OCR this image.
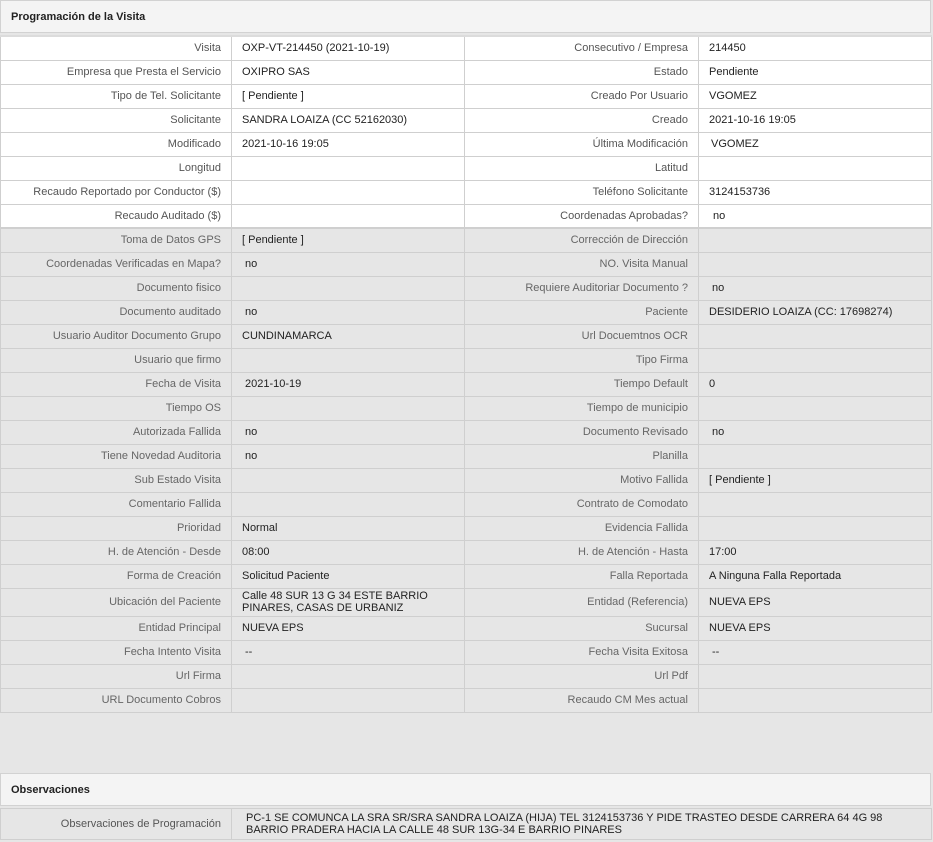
Programación de la Visita
Visita	OXP-VT-214450 (2021-10-19)	Consecutivo / Empresa	214450
Empresa que Presta el Servicio	OXIPRO SAS	Estado	Pendiente
Tipo de Tel. Solicitante	[ Pendiente ]	Creado Por Usuario	VGOMEZ
Solicitante	SANDRA LOAIZA (CC 52162030)	Creado	2021-10-16 19:05
Modificado	2021-10-16 19:05	Última Modificación	VGOMEZ
Longitud		Latitud	
Recaudo Reportado por Conductor ($)		Teléfono Solicitante	3124153736
Recaudo Auditado ($)		Coordenadas Aprobadas?	no
Toma de Datos GPS	[ Pendiente ]	Corrección de Dirección	
Coordenadas Verificadas en Mapa?	no	NO. Visita Manual	
Documento fisico		Requiere Auditoriar Documento ?	no
Documento auditado	no	Paciente	DESIDERIO LOAIZA (CC: 17698274)
Usuario Auditor Documento Grupo	CUNDINAMARCA	Url Docuemtnos OCR	
Usuario que firmo		Tipo Firma	
Fecha de Visita	2021-10-19	Tiempo Default	0
Tiempo OS		Tiempo de municipio	
Autorizada Fallida	no	Documento Revisado	no
Tiene Novedad Auditoria	no	Planilla	
Sub Estado Visita		Motivo Fallida	[ Pendiente ]
Comentario Fallida		Contrato de Comodato	
Prioridad	Normal	Evidencia Fallida	
H. de Atención - Desde	08:00	H. de Atención - Hasta	17:00
Forma de Creación	Solicitud Paciente	Falla Reportada	A Ninguna Falla Reportada
Ubicación del Paciente	Calle 48 SUR 13 G 34 ESTE BARRIO PINARES, CASAS DE URBANIZ	Entidad (Referencia)	NUEVA EPS
Entidad Principal	NUEVA EPS	Sucursal	NUEVA EPS
Fecha Intento Visita	--	Fecha Visita Exitosa	--
Url Firma		Url Pdf	
URL Documento Cobros		Recaudo CM Mes actual	
Observaciones
Observaciones de Programación	PC-1 SE COMUNCA LA SRA SR/SRA SANDRA LOAIZA (HIJA) TEL 3124153736 Y PIDE TRASTEO DESDE CARRERA 64 4G 98 BARRIO PRADERA HACIA LA CALLE 48 SUR 13G-34 E BARRIO PINARES
